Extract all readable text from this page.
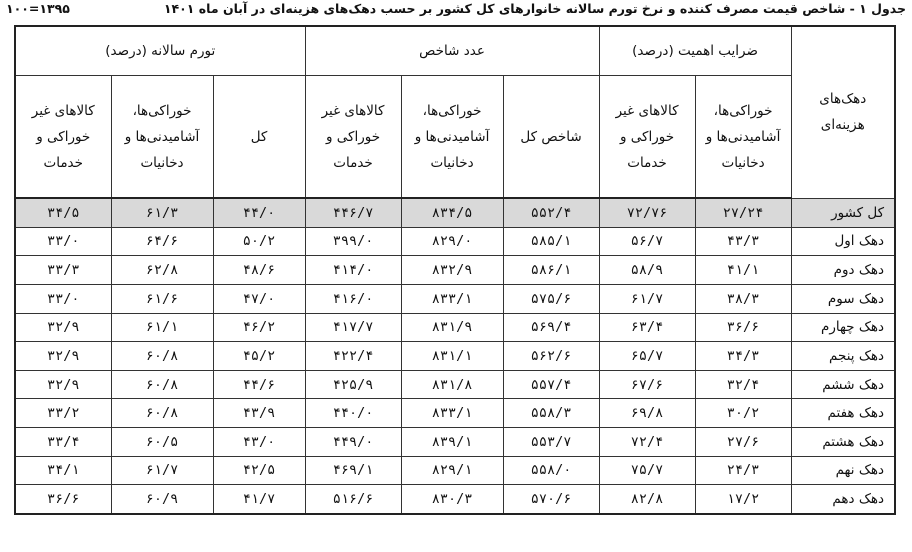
جدول ۱ - شاخص قیمت مصرف کننده و نرخ تورم سالانه خانوارهای کل کشور بر حسب دهک‌های هزینه‌ای در آبان ماه ۱۴۰۱
۱۳۹۵=۱۰۰
دهک‌های هزینه‌ای	ضرایب اهمیت (درصد)		عدد شاخص			تورم سالانه (درصد)		
	خوراکی‌ها، آشامیدنی‌ها و دخانیات	کالاهای غیر خوراکی و خدمات	شاخص کل	خوراکی‌ها، آشامیدنی‌ها و دخانیات	کالاهای غیر خوراکی و خدمات	کل	خوراکی‌ها، آشامیدنی‌ها و دخانیات	کالاهای غیر خوراکی و خدمات
کل کشور	۲۷/۲۴	۷۲/۷۶	۵۵۲/۴	۸۳۴/۵	۴۴۶/۷	۴۴/۰	۶۱/۳	۳۴/۵
دهک اول	۴۳/۳	۵۶/۷	۵۸۵/۱	۸۲۹/۰	۳۹۹/۰	۵۰/۲	۶۴/۶	۳۳/۰
دهک دوم	۴۱/۱	۵۸/۹	۵۸۶/۱	۸۳۲/۹	۴۱۴/۰	۴۸/۶	۶۲/۸	۳۳/۳
دهک سوم	۳۸/۳	۶۱/۷	۵۷۵/۶	۸۳۳/۱	۴۱۶/۰	۴۷/۰	۶۱/۶	۳۳/۰
دهک چهارم	۳۶/۶	۶۳/۴	۵۶۹/۴	۸۳۱/۹	۴۱۷/۷	۴۶/۲	۶۱/۱	۳۲/۹
دهک پنجم	۳۴/۳	۶۵/۷	۵۶۲/۶	۸۳۱/۱	۴۲۲/۴	۴۵/۲	۶۰/۸	۳۲/۹
دهک ششم	۳۲/۴	۶۷/۶	۵۵۷/۴	۸۳۱/۸	۴۲۵/۹	۴۴/۶	۶۰/۸	۳۲/۹
دهک هفتم	۳۰/۲	۶۹/۸	۵۵۸/۳	۸۳۳/۱	۴۴۰/۰	۴۳/۹	۶۰/۸	۳۳/۲
دهک هشتم	۲۷/۶	۷۲/۴	۵۵۳/۷	۸۳۹/۱	۴۴۹/۰	۴۳/۰	۶۰/۵	۳۳/۴
دهک نهم	۲۴/۳	۷۵/۷	۵۵۸/۰	۸۲۹/۱	۴۶۹/۱	۴۲/۵	۶۱/۷	۳۴/۱
دهک دهم	۱۷/۲	۸۲/۸	۵۷۰/۶	۸۳۰/۳	۵۱۶/۶	۴۱/۷	۶۰/۹	۳۶/۶
